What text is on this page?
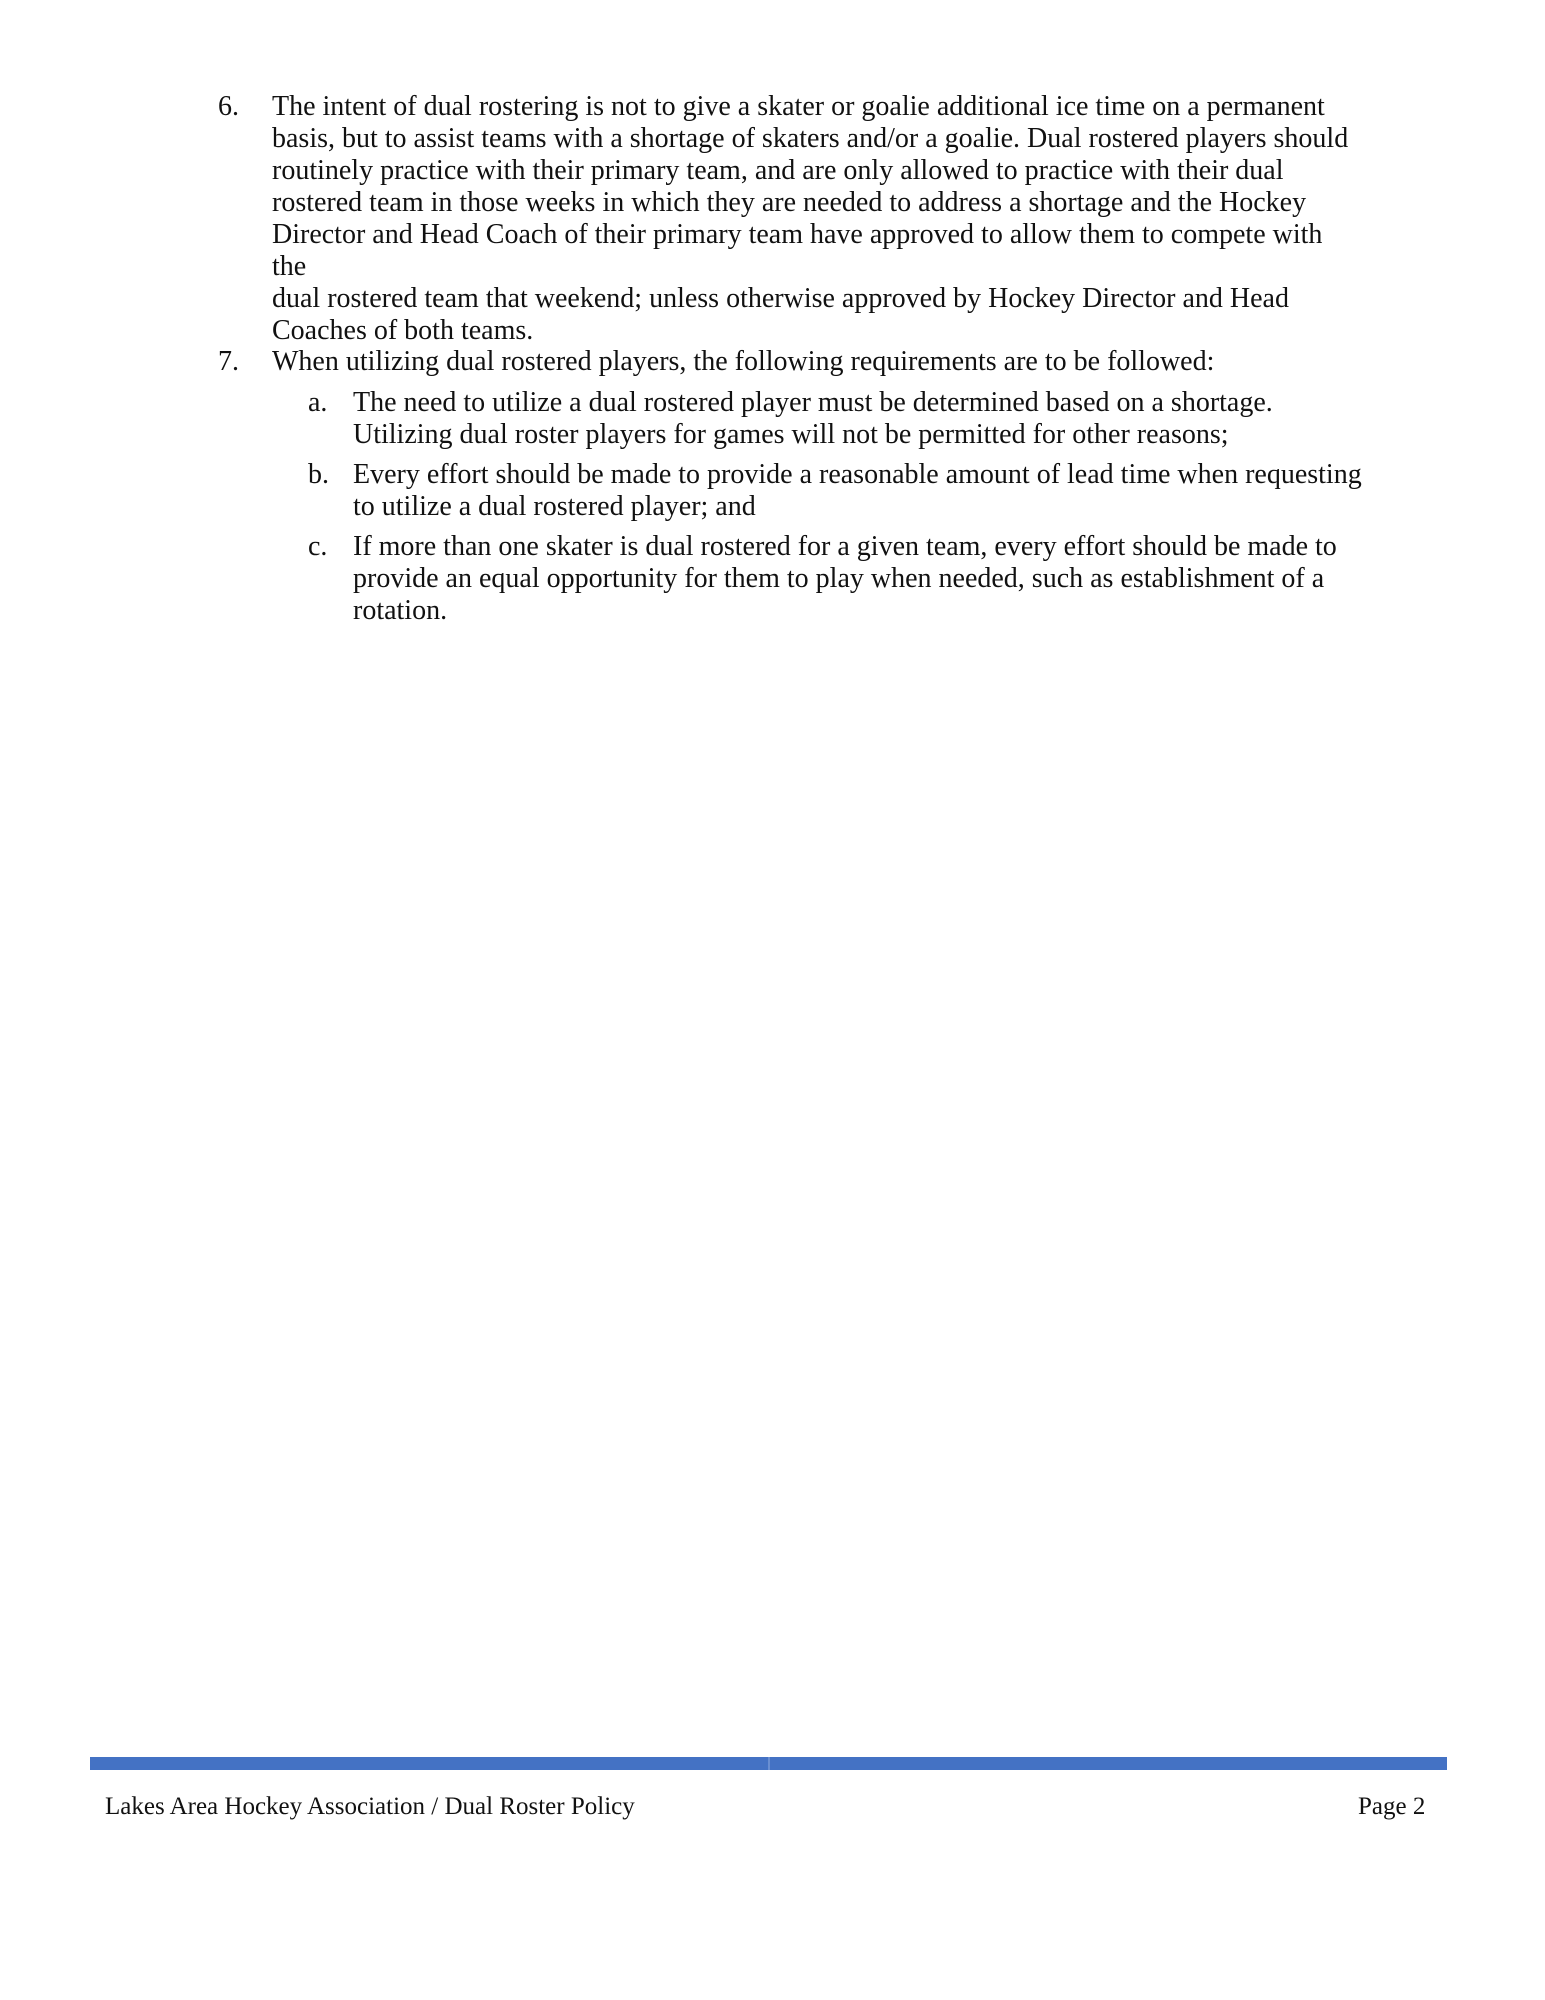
6.	The intent of dual rostering is not to give a skater or goalie additional ice time on a permanent
basis, but to assist teams with a shortage of skaters and/or a goalie. Dual rostered players should
routinely practice with their primary team, and are only allowed to practice with their dual
rostered team in those weeks in which they are needed to address a shortage and the Hockey
Director and Head Coach of their primary team have approved to allow them to compete with the
dual rostered team that weekend; unless otherwise approved by Hockey Director and Head
Coaches of both teams.
7.	When utilizing dual rostered players, the following requirements are to be followed:
a. The need to utilize a dual rostered player must be determined based on a shortage.
Utilizing dual roster players for games will not be permitted for other reasons;
b. Every effort should be made to provide a reasonable amount of lead time when requesting
to utilize a dual rostered player; and
c. If more than one skater is dual rostered for a given team, every effort should be made to
provide an equal opportunity for them to play when needed, such as establishment of a
rotation.
Lakes Area Hockey Association / Dual Roster Policy	Page 2
